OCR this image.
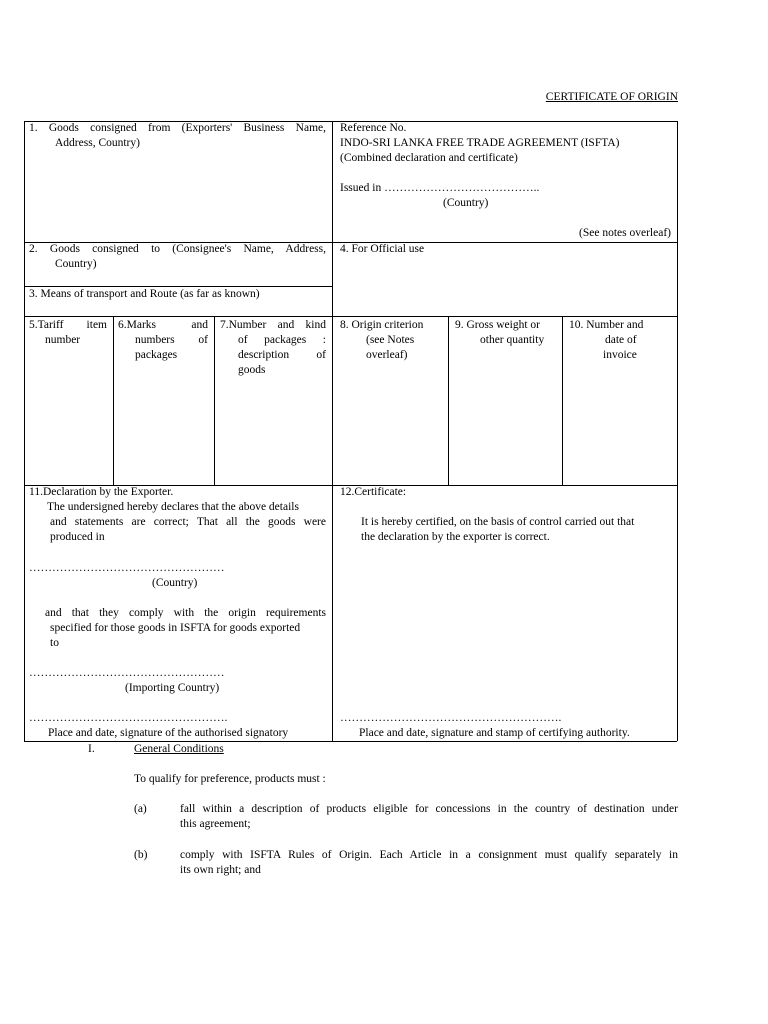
CERTIFICATE OF ORIGIN
1. Goods consigned from (Exporters' Business Name,
Address, Country)
Reference No.
INDO-SRI LANKA FREE TRADE AGREEMENT (ISFTA)
(Combined declaration and certificate)
Issued in …………………………………..
(Country)
(See notes overleaf)
2. Goods consigned to (Consignee's Name, Address,
Country)
3. Means of transport and Route (as far as known)
4. For Official use
5.Tariff item
number
6.Marks and
numbers of
packages
7.Number and kind
of packages :
description of
goods
8. Origin criterion
(see Notes
overleaf)
9. Gross weight or
other quantity
10. Number and
date of
invoice
11.Declaration by the Exporter.
The undersigned hereby declares that the above details
and statements are correct; That all the goods were
produced in
……………………………………………
(Country)
and that they comply with the origin requirements
specified for those goods in ISFTA for goods exported
to
……………………………………………
(Importing Country)
…………………………………………….
Place and date, signature of the authorised signatory
12.Certificate:
It is hereby certified, on the basis of control carried out that
the declaration by the exporter is correct.
………………………………………………….
Place and date, signature and stamp of certifying authority.
I.	General Conditions
To qualify for preference, products must :
(a)	fall within a description of products eligible for concessions in the country of destination under
this agreement;
(b)	comply with ISFTA Rules of Origin. Each Article in a consignment must qualify separately in
its own right; and
